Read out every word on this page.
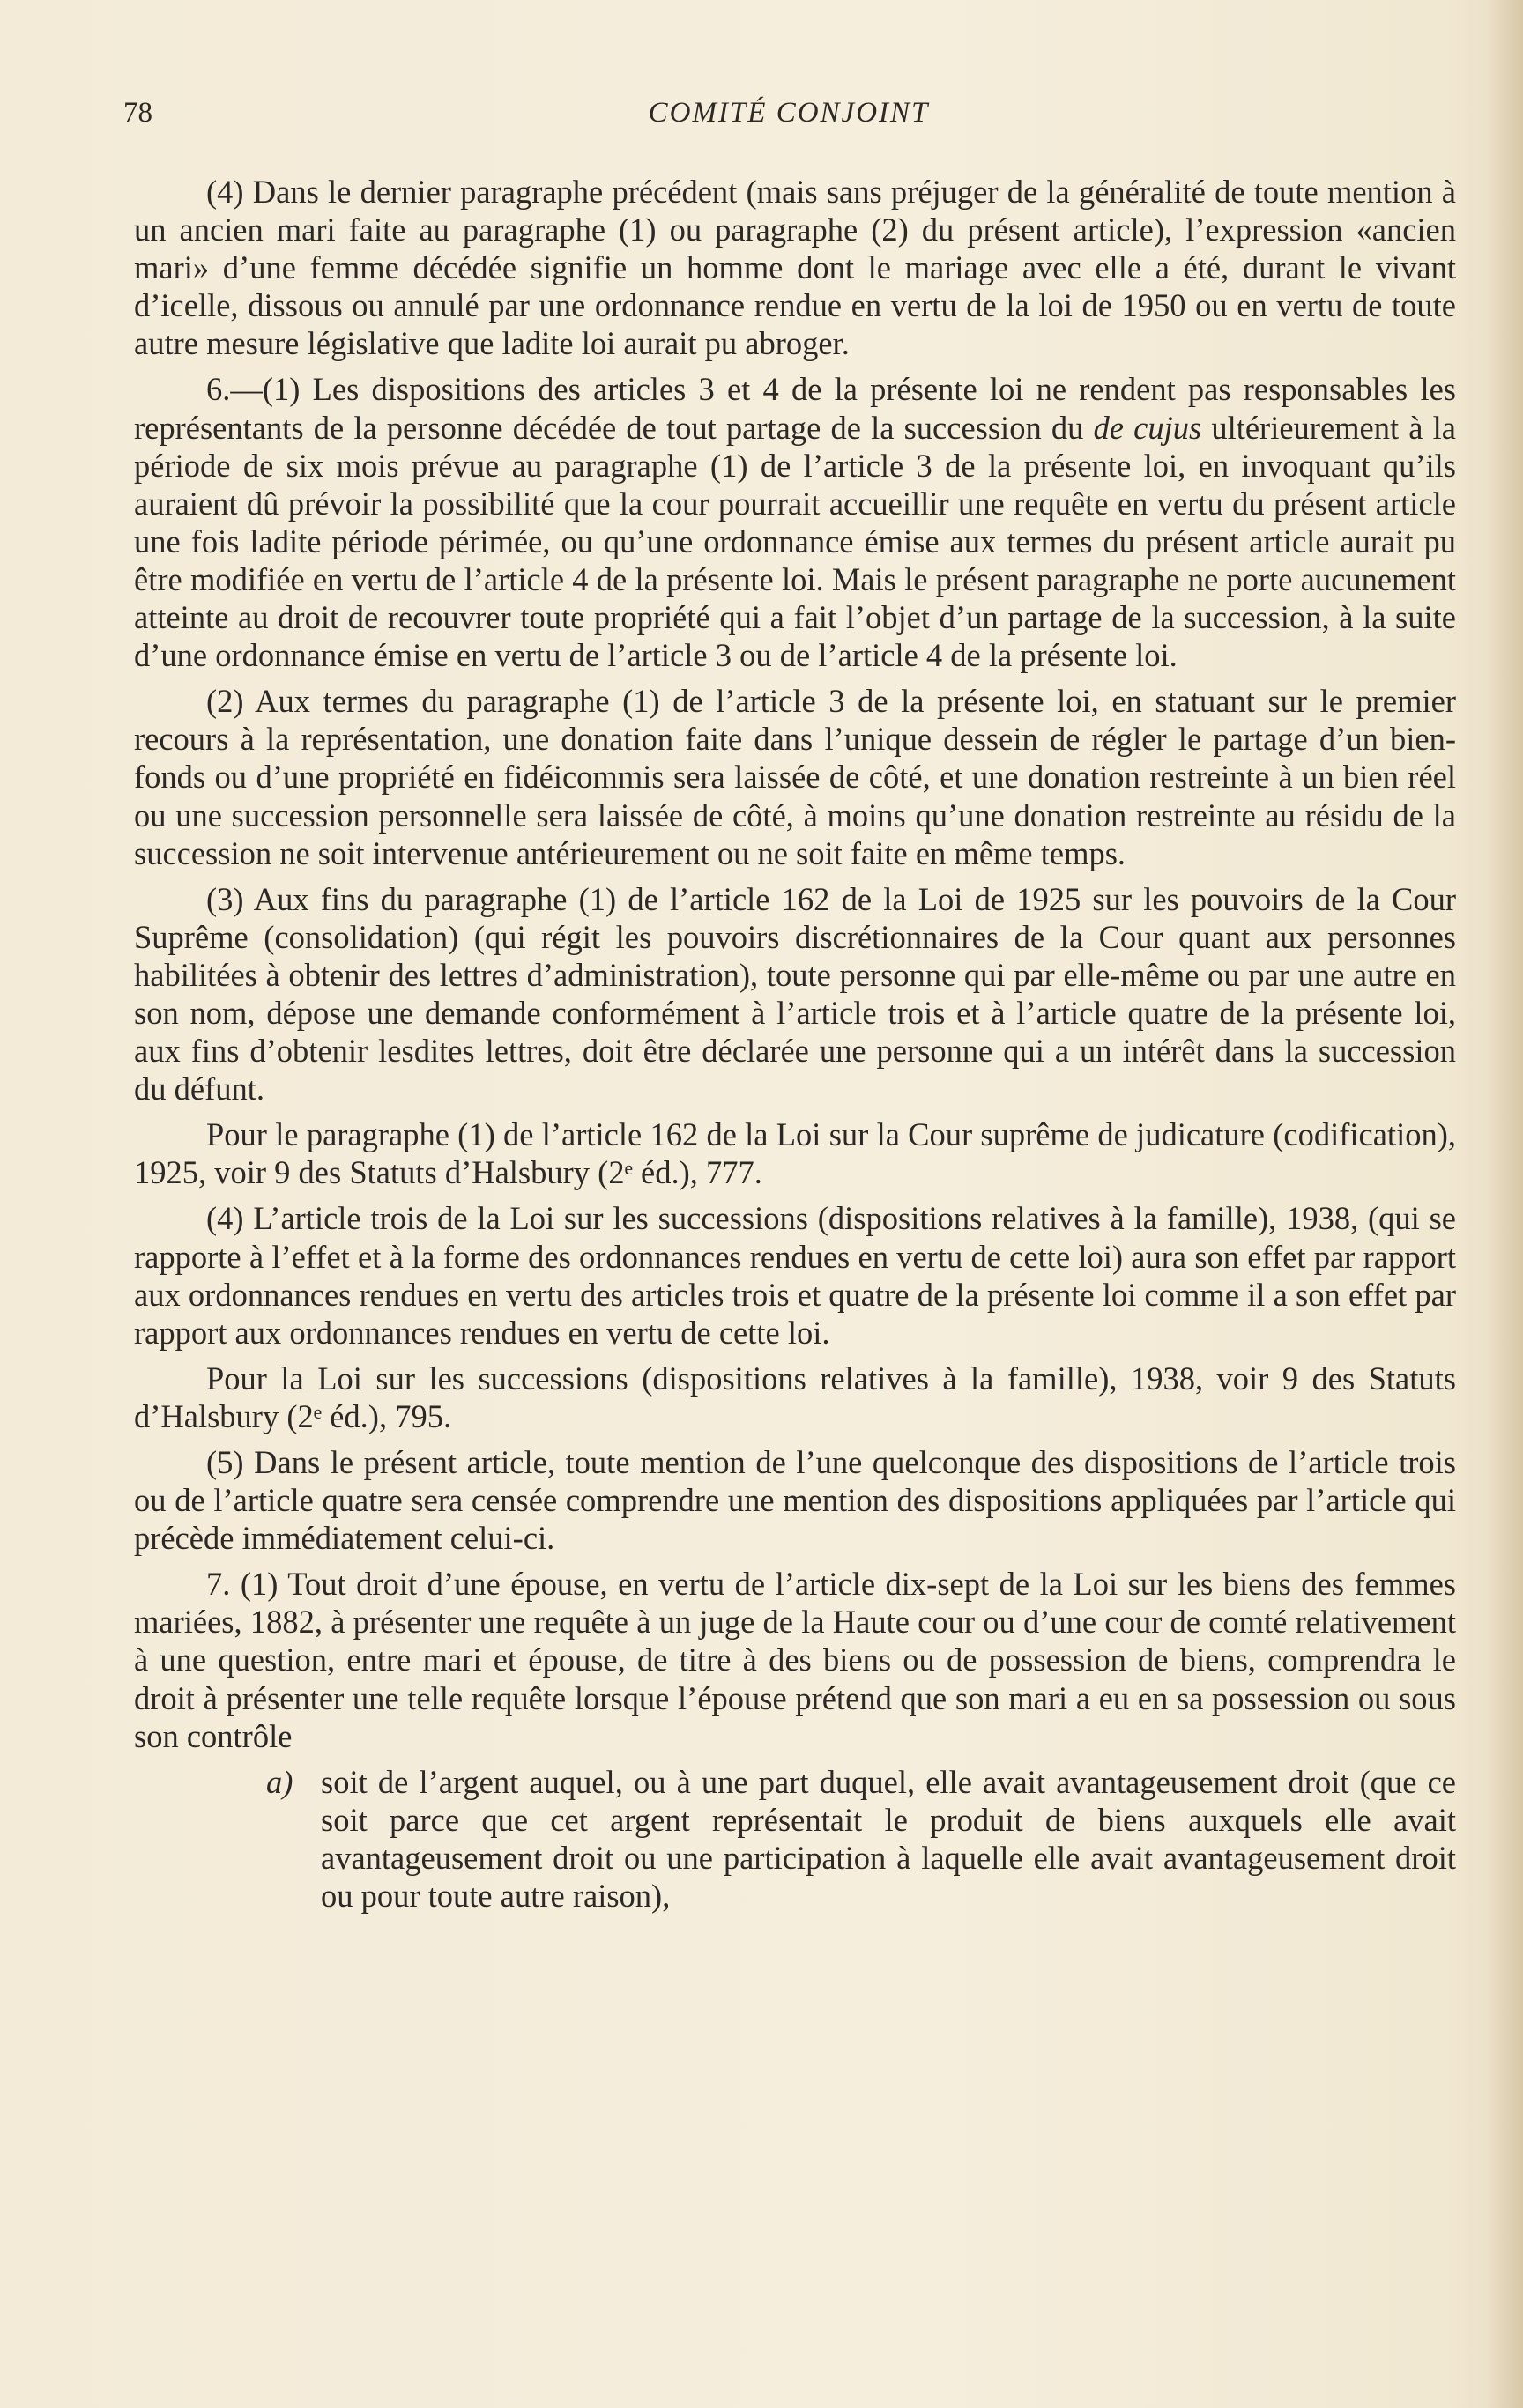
78	COMITÉ CONJOINT

(4) Dans le dernier paragraphe précédent (mais sans préjuger de la généralité de toute mention à un ancien mari faite au paragraphe (1) ou paragraphe (2) du présent article), l’expression «ancien mari» d’une femme décédée signifie un homme dont le mariage avec elle a été, durant le vivant d’icelle, dissous ou annulé par une ordonnance rendue en vertu de la loi de 1950 ou en vertu de toute autre mesure législative que ladite loi aurait pu abroger.

6.—(1) Les dispositions des articles 3 et 4 de la présente loi ne rendent pas responsables les représentants de la personne décédée de tout partage de la succession du de cujus ultérieurement à la période de six mois prévue au paragraphe (1) de l’article 3 de la présente loi, en invoquant qu’ils auraient dû prévoir la possibilité que la cour pourrait accueillir une requête en vertu du présent article une fois ladite période périmée, ou qu’une ordonnance émise aux termes du présent article aurait pu être modifiée en vertu de l’article 4 de la présente loi. Mais le présent paragraphe ne porte aucunement atteinte au droit de recouvrer toute propriété qui a fait l’objet d’un partage de la succession, à la suite d’une ordonnance émise en vertu de l’article 3 ou de l’article 4 de la présente loi.

(2) Aux termes du paragraphe (1) de l’article 3 de la présente loi, en statuant sur le premier recours à la représentation, une donation faite dans l’unique dessein de régler le partage d’un bien-fonds ou d’une propriété en fidéicommis sera laissée de côté, et une donation restreinte à un bien réel ou une succession personnelle sera laissée de côté, à moins qu’une donation restreinte au résidu de la succession ne soit intervenue antérieurement ou ne soit faite en même temps.

(3) Aux fins du paragraphe (1) de l’article 162 de la Loi de 1925 sur les pouvoirs de la Cour Suprême (consolidation) (qui régit les pouvoirs discrétionnaires de la Cour quant aux personnes habilitées à obtenir des lettres d’administration), toute personne qui par elle-même ou par une autre en son nom, dépose une demande conformément à l’article trois et à l’article quatre de la présente loi, aux fins d’obtenir lesdites lettres, doit être déclarée une personne qui a un intérêt dans la succession du défunt.

Pour le paragraphe (1) de l’article 162 de la Loi sur la Cour suprême de judicature (codification), 1925, voir 9 des Statuts d’Halsbury (2ᵉ éd.), 777.

(4) L’article trois de la Loi sur les successions (dispositions relatives à la famille), 1938, (qui se rapporte à l’effet et à la forme des ordonnances rendues en vertu de cette loi) aura son effet par rapport aux ordonnances rendues en vertu des articles trois et quatre de la présente loi comme il a son effet par rapport aux ordonnances rendues en vertu de cette loi.

Pour la Loi sur les successions (dispositions relatives à la famille), 1938, voir 9 des Statuts d’Halsbury (2ᵉ éd.), 795.

(5) Dans le présent article, toute mention de l’une quelconque des dispositions de l’article trois ou de l’article quatre sera censée comprendre une mention des dispositions appliquées par l’article qui précède immédiatement celui-ci.

7. (1) Tout droit d’une épouse, en vertu de l’article dix-sept de la Loi sur les biens des femmes mariées, 1882, à présenter une requête à un juge de la Haute cour ou d’une cour de comté relativement à une question, entre mari et épouse, de titre à des biens ou de possession de biens, comprendra le droit à présenter une telle requête lorsque l’épouse prétend que son mari a eu en sa possession ou sous son contrôle

a) soit de l’argent auquel, ou à une part duquel, elle avait avantageusement droit (que ce soit parce que cet argent représentait le produit de biens auxquels elle avait avantageusement droit ou une participation à laquelle elle avait avantageusement droit ou pour toute autre raison),
